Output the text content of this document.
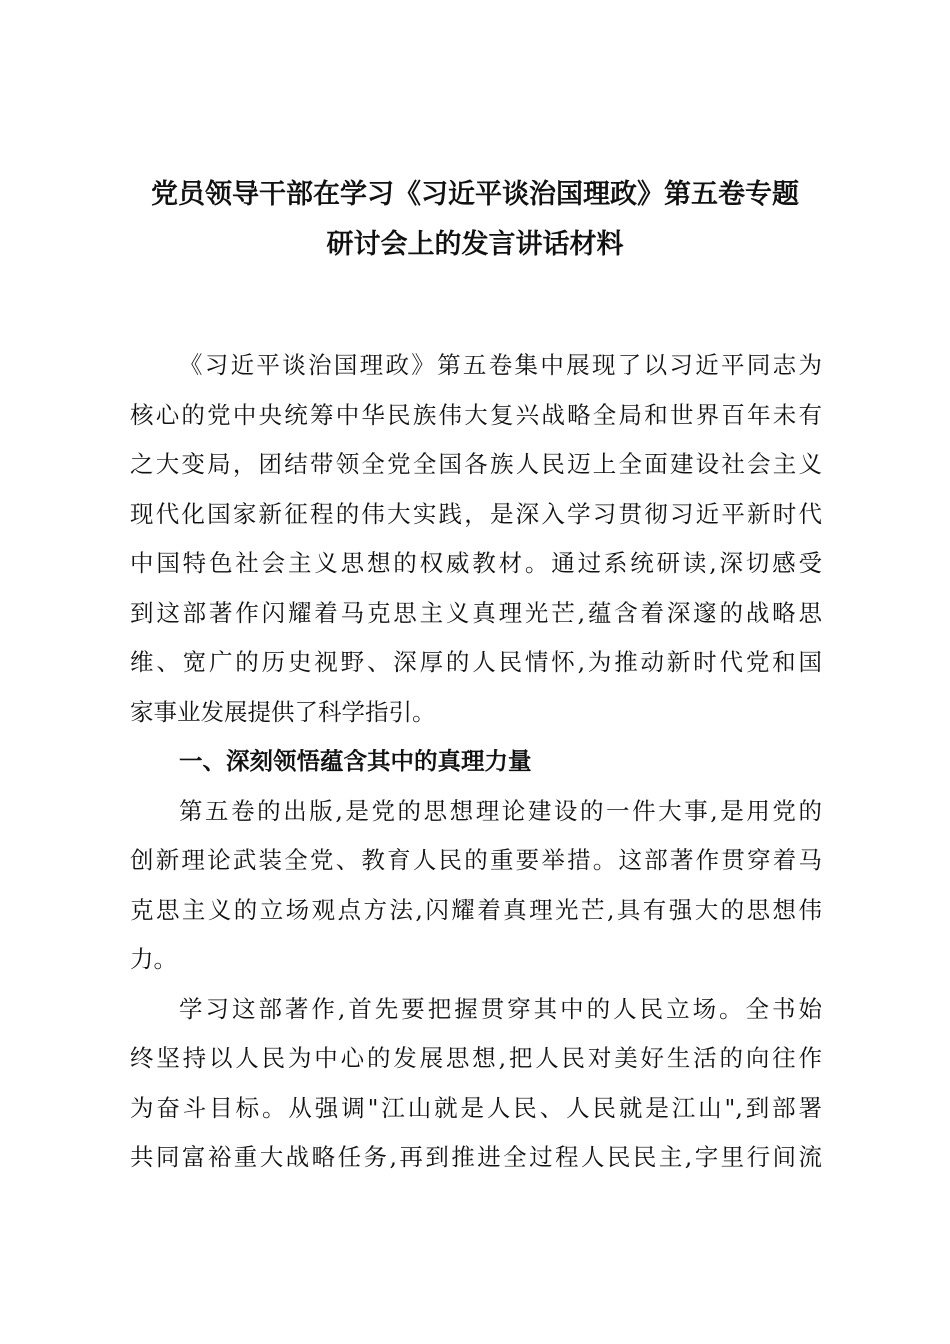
党员领导干部在学习《习近平谈治国理政》第五卷专题
研讨会上的发言讲话材料
《习近平谈治国理政》第五卷集中展现了以习近平同志为
核心的党中央统筹中华民族伟大复兴战略全局和世界百年未有
之大变局，团结带领全党全国各族人民迈上全面建设社会主义
现代化国家新征程的伟大实践，是深入学习贯彻习近平新时代
中国特色社会主义思想的权威教材。通过系统研读,深切感受
到这部著作闪耀着马克思主义真理光芒,蕴含着深邃的战略思
维、宽广的历史视野、深厚的人民情怀,为推动新时代党和国
家事业发展提供了科学指引。
一、深刻领悟蕴含其中的真理力量
第五卷的出版,是党的思想理论建设的一件大事,是用党的
创新理论武装全党、教育人民的重要举措。这部著作贯穿着马
克思主义的立场观点方法,闪耀着真理光芒,具有强大的思想伟
力。
学习这部著作,首先要把握贯穿其中的人民立场。全书始
终坚持以人民为中心的发展思想,把人民对美好生活的向往作
为奋斗目标。从强调"江山就是人民、人民就是江山",到部署
共同富裕重大战略任务,再到推进全过程人民民主,字里行间流
